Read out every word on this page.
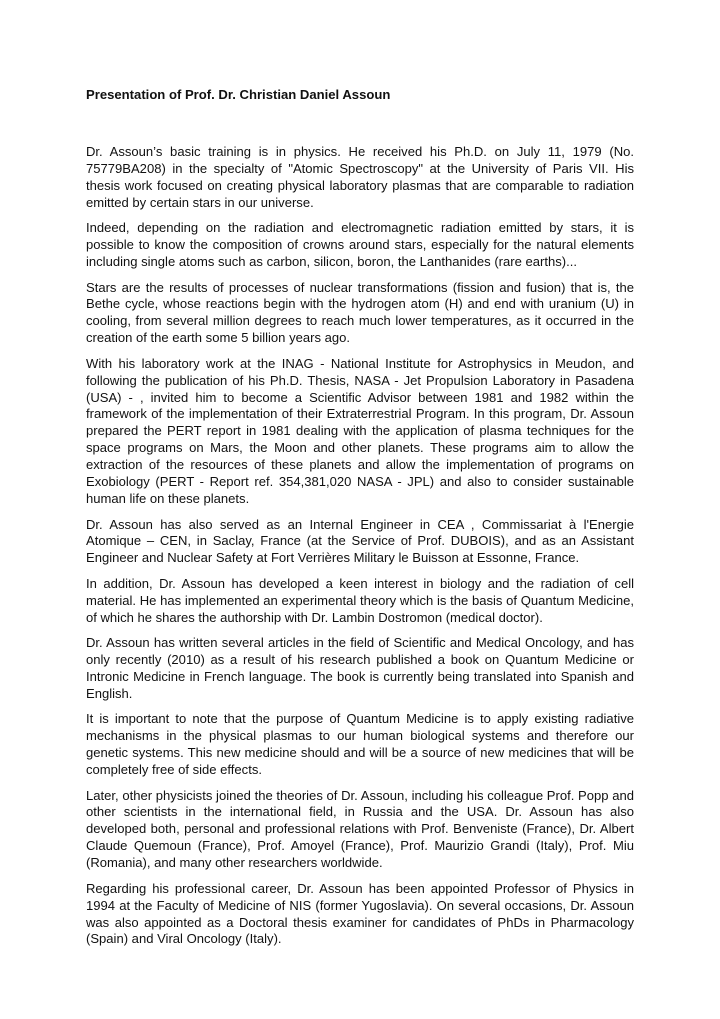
Presentation of Prof. Dr. Christian Daniel Assoun

Dr. Assoun’s basic training is in physics. He received his Ph.D. on July 11, 1979 (No. 75779BA208) in the specialty of "Atomic Spectroscopy" at the University of Paris VII. His thesis work focused on creating physical laboratory plasmas that are comparable to radiation emitted by certain stars in our universe.

Indeed, depending on the radiation and electromagnetic radiation emitted by stars, it is possible to know the composition of crowns around stars, especially for the natural elements including single atoms such as carbon, silicon, boron, the Lanthanides (rare earths)...

Stars are the results of processes of nuclear transformations (fission and fusion) that is, the Bethe cycle, whose reactions begin with the hydrogen atom (H) and end with uranium (U) in cooling, from several million degrees to reach much lower temperatures, as it occurred in the creation of the earth some 5 billion years ago.

With his laboratory work at the INAG - National Institute for Astrophysics in Meudon, and following the publication of his Ph.D. Thesis, NASA - Jet Propulsion Laboratory in Pasadena (USA) - , invited him to become a Scientific Advisor between 1981 and 1982 within the framework of the implementation of their Extraterrestrial Program. In this program, Dr. Assoun prepared the PERT report in 1981 dealing with the application of plasma techniques for the space programs on Mars, the Moon and other planets. These programs aim to allow the extraction of the resources of these planets and allow the implementation of programs on Exobiology (PERT - Report ref. 354,381,020 NASA - JPL) and also to consider sustainable human life on these planets.

Dr. Assoun has also served as an Internal Engineer in CEA , Commissariat à l'Energie Atomique – CEN, in Saclay, France (at the Service of Prof. DUBOIS), and as an Assistant Engineer and Nuclear Safety at Fort Verrières Military le Buisson at Essonne, France.

In addition, Dr. Assoun has developed a keen interest in biology and the radiation of cell material. He has implemented an experimental theory which is the basis of Quantum Medicine, of which he shares the authorship with Dr. Lambin Dostromon (medical doctor).

Dr. Assoun has written several articles in the field of Scientific and Medical Oncology, and has only recently (2010) as a result of his research published a book on Quantum Medicine or Intronic Medicine in French language. The book is currently being translated into Spanish and English.

It is important to note that the purpose of Quantum Medicine is to apply existing radiative mechanisms in the physical plasmas to our human biological systems and therefore our genetic systems. This new medicine should and will be a source of new medicines that will be completely free of side effects.

Later, other physicists joined the theories of Dr. Assoun, including his colleague Prof. Popp and other scientists in the international field, in Russia and the USA. Dr. Assoun has also developed both, personal and professional relations with Prof. Benveniste (France), Dr. Albert Claude Quemoun (France), Prof. Amoyel (France), Prof. Maurizio Grandi (Italy), Prof. Miu (Romania), and many other researchers worldwide.

Regarding his professional career, Dr. Assoun has been appointed Professor of Physics in 1994 at the Faculty of Medicine of NIS (former Yugoslavia). On several occasions, Dr. Assoun was also appointed as a Doctoral thesis examiner for candidates of PhDs in Pharmacology (Spain) and Viral Oncology (Italy).
